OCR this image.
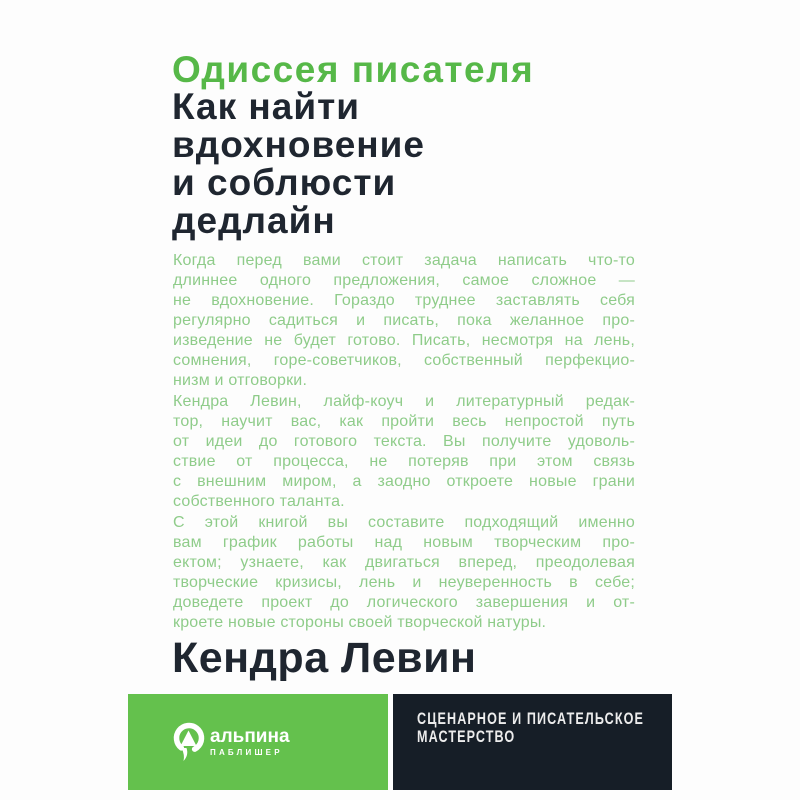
Одиссея писателя
Как найти
вдохновение
и соблюсти
дедлайн
Когда перед вами стоит задача написать что-то
длиннее одного предложения, самое сложное —
не вдохновение. Гораздо труднее заставлять себя
регулярно садиться и писать, пока желанное про-
изведение не будет готово. Писать, несмотря на лень,
сомнения, горе-советчиков, собственный перфекцио-
низм и отговорки.
Кендра Левин, лайф-коуч и литературный редак-
тор, научит вас, как пройти весь непростой путь
от идеи до готового текста. Вы получите удоволь-
ствие от процесса, не потеряв при этом связь
с внешним миром, а заодно откроете новые грани
собственного таланта.
С этой книгой вы составите подходящий именно
вам график работы над новым творческим про-
ектом; узнаете, как двигаться вперед, преодолевая
творческие кризисы, лень и неуверенность в себе;
доведете проект до логического завершения и от-
кроете новые стороны своей творческой натуры.
Кендра Левин
альпина
ПАБЛИШЕР
СЦЕНАРНОЕ И ПИСАТЕЛЬСКОЕ
МАСТЕРСТВО
